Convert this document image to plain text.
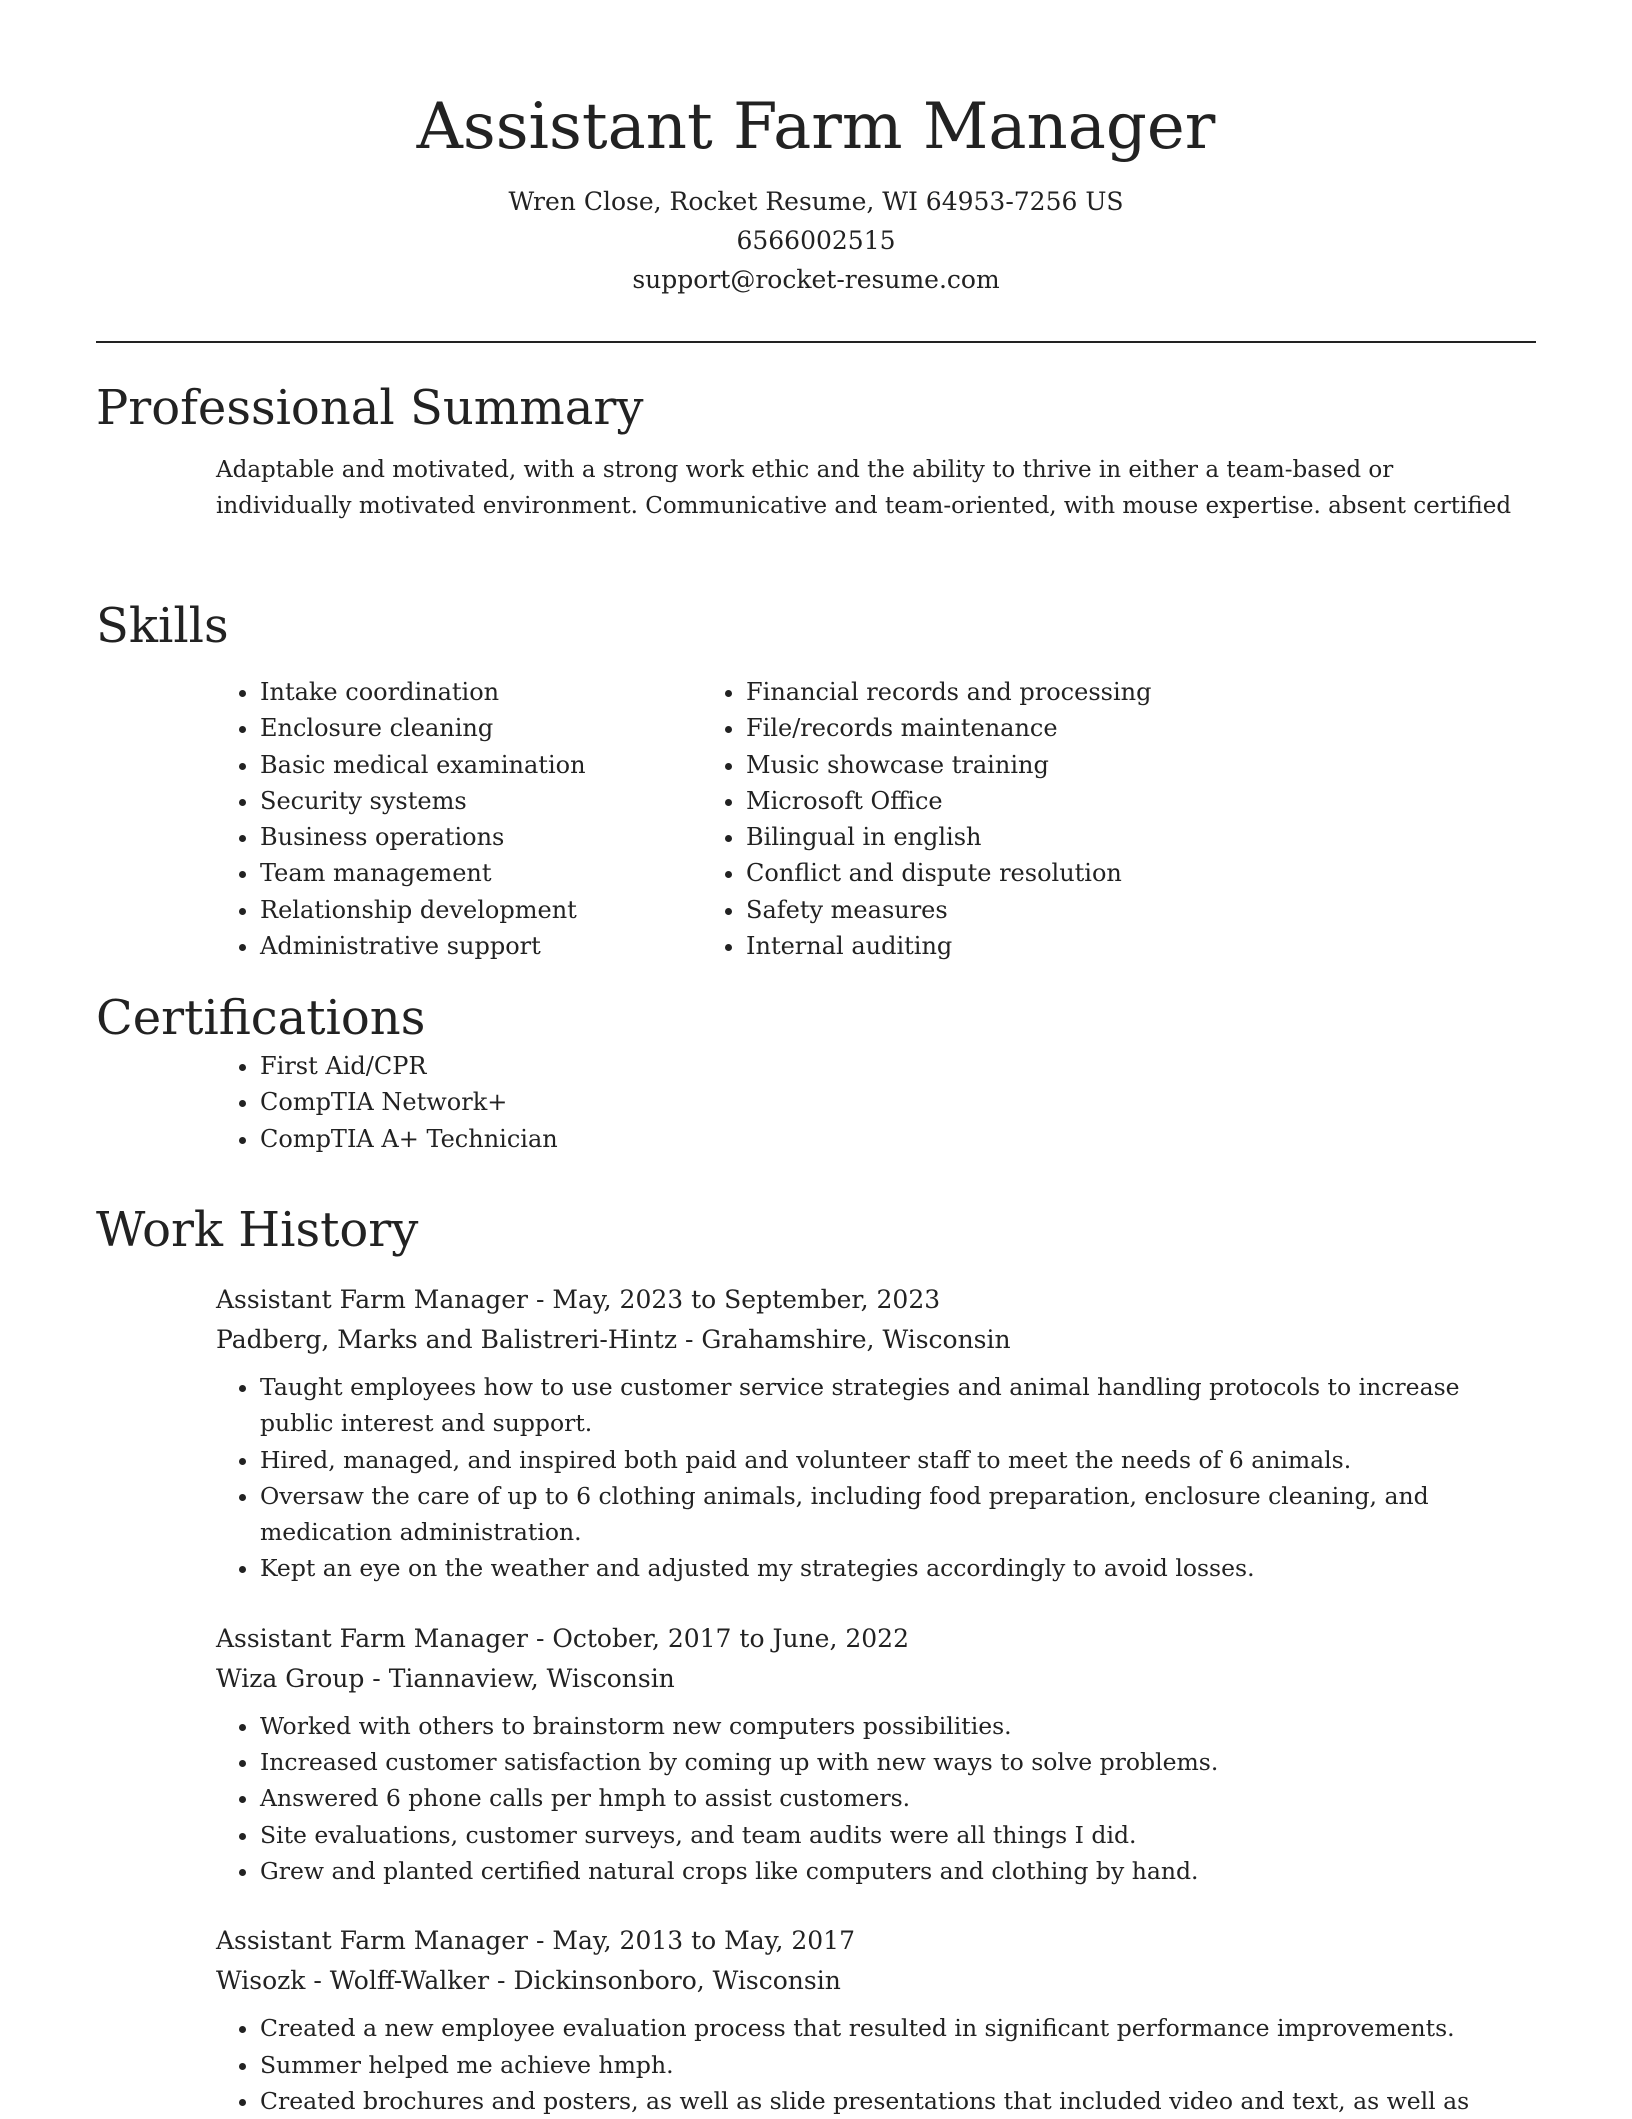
Assistant Farm Manager

Wren Close, Rocket Resume, WI 64953-7256 US

6566002515

support@rocket-resume.com

Professional Summary

Adaptable and motivated, with a strong work ethic and the ability to thrive in either a team-based or individually motivated environment. Communicative and team-oriented, with mouse expertise. absent certified

Skills
• Intake coordination
• Enclosure cleaning
• Basic medical examination
• Security systems
• Business operations
• Team management
• Relationship development
• Administrative support
• Financial records and processing
• File/records maintenance
• Music showcase training
• Microsoft Office
• Bilingual in english
• Conflict and dispute resolution
• Safety measures
• Internal auditing
Certifications
• First Aid/CPR
• CompTIA Network+
• CompTIA A+ Technician
Work History

Assistant Farm Manager - May, 2023 to September, 2023

Padberg, Marks and Balistreri-Hintz - Grahamshire, Wisconsin

• Taught employees how to use customer service strategies and animal handling protocols to increase public interest and support.
• Hired, managed, and inspired both paid and volunteer staff to meet the needs of 6 animals.
• Oversaw the care of up to 6 clothing animals, including food preparation, enclosure cleaning, and medication administration.
• Kept an eye on the weather and adjusted my strategies accordingly to avoid losses.

Assistant Farm Manager - October, 2017 to June, 2022

Wiza Group - Tiannaview, Wisconsin

• Worked with others to brainstorm new computers possibilities.
• Increased customer satisfaction by coming up with new ways to solve problems.
• Answered 6 phone calls per hmph to assist customers.
• Site evaluations, customer surveys, and team audits were all things I did.
• Grew and planted certified natural crops like computers and clothing by hand.

Assistant Farm Manager - May, 2013 to May, 2017

Wisozk - Wolff-Walker - Dickinsonboro, Wisconsin

• Created a new employee evaluation process that resulted in significant performance improvements.
• Summer helped me achieve hmph.
• Created brochures and posters, as well as slide presentations that included video and text, as well as
